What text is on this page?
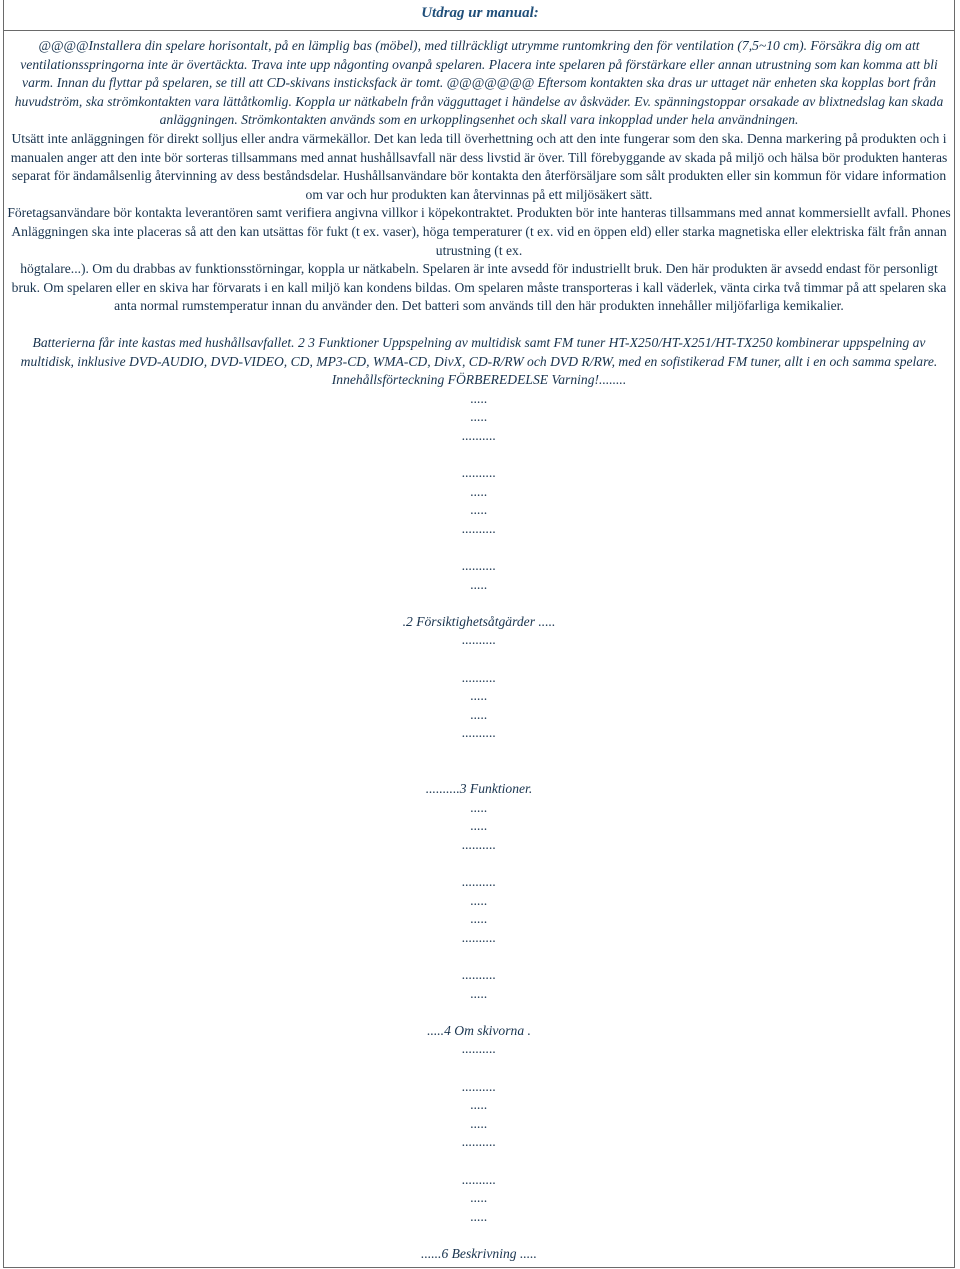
Utdrag ur manual:

@@@@Installera din spelare horisontalt, på en lämplig bas (möbel), med tillräckligt utrymme runtomkring den för ventilation (7,5~10 cm). Försäkra dig om att ventilationsspringorna inte är övertäckta. Trava inte upp någonting ovanpå spelaren. Placera inte spelaren på förstärkare eller annan utrustning som kan komma att bli varm. Innan du flyttar på spelaren, se till att CD-skivans insticksfack är tomt. @@@@@@@ Eftersom kontakten ska dras ur uttaget när enheten ska kopplas bort från huvudström, ska strömkontakten vara lättåtkomlig. Koppla ur nätkabeln från vägguttaget i händelse av åskväder. Ev. spänningstoppar orsakade av blixtnedslag kan skada anläggningen. Strömkontakten används som en urkopplingsenhet och skall vara inkopplad under hela användningen.

Utsätt inte anläggningen för direkt solljus eller andra värmekällor. Det kan leda till överhettning och att den inte fungerar som den ska. Denna markering på produkten och i manualen anger att den inte bör sorteras tillsammans med annat hushållsavfall när dess livstid är över. Till förebyggande av skada på miljö och hälsa bör produkten hanteras separat för ändamålsenlig återvinning av dess beståndsdelar. Hushållsanvändare bör kontakta den återförsäljare som sålt produkten eller sin kommun för vidare information om var och hur produkten kan återvinnas på ett miljösäkert sätt.

Företagsanvändare bör kontakta leverantören samt verifiera angivna villkor i köpekontraktet. Produkten bör inte hanteras tillsammans med annat kommersiellt avfall. Phones Anläggningen ska inte placeras så att den kan utsättas för fukt (t ex. vaser), höga temperaturer (t ex. vid en öppen eld) eller starka magnetiska eller elektriska fält från annan utrustning (t ex.

högtalare...). Om du drabbas av funktionsstörningar, koppla ur nätkabeln. Spelaren är inte avsedd för industriellt bruk. Den här produkten är avsedd endast för personligt bruk. Om spelaren eller en skiva har förvarats i en kall miljö kan kondens bildas. Om spelaren måste transporteras i kall väderlek, vänta cirka två timmar på att spelaren ska anta normal rumstemperatur innan du använder den. Det batteri som används till den här produkten innehåller miljöfarliga kemikalier.

Batterierna får inte kastas med hushållsavfallet. 2 3 Funktioner Uppspelning av multidisk samt FM tuner HT-X250/HT-X251/HT-TX250 kombinerar uppspelning av multidisk, inklusive DVD-AUDIO, DVD-VIDEO, CD, MP3-CD, WMA-CD, DivX, CD-R/RW och DVD R/RW, med en sofistikerad FM tuner, allt i en och samma spelare. Innehållsförteckning FÖRBEREDELSE Varning!........

.....
.....
..........

..........
.....
.....
..........

..........
.....

.2 Försiktighetsåtgärder .....
..........

..........
.....
.....
..........

..........3 Funktioner.
.....
.....
..........

..........
.....
.....
..........

..........
.....

.....4 Om skivorna .
..........

..........
.....
.....
..........

..........
.....
.....

......6 Beskrivning .....
